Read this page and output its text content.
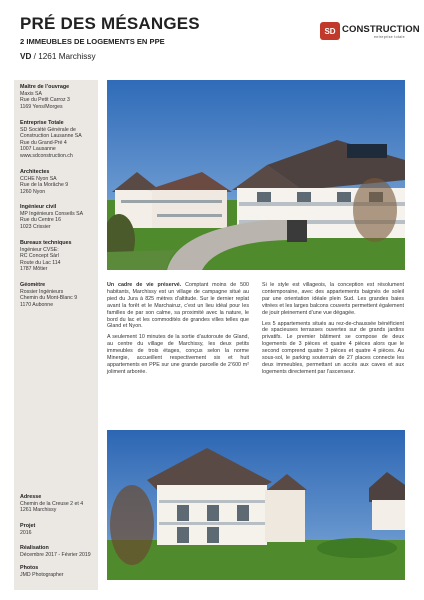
PRÉ DES MÉSANGES
2 IMMEUBLES DE LOGEMENTS EN PPE
VD / 1261 Marchissy
SD CONSTRUCTION
entreprise totale
Maître de l’ouvrage
Maxis SA
Rue du Petit Carroz 3
1169 Yens/Morges
Entreprise Totale
SD Société Générale de
Construction Lausanne SA
Rue du Grand-Pré 4
1007 Lausanne
www.sdconstruction.ch
Architectes
CCHE Nyon SA
Rue de la Morâche 9
1260 Nyon
Ingénieur civil
MP Ingénieurs Conseils SA
Rue du Centre 16
1023 Crissier
Bureaux techniques
Ingénieur CVSE:
RC Concept Sàrl
Route du Lac 114
1787 Môtier
Géomètre
Rossier Ingénieurs
Chemin du Mont-Blanc 9
1170 Aubonne
Adresse
Chemin de la Creuse 2 et 4
1261 Marchissy
Projet
2016
Réalisation
Décembre 2017 - Février 2019
Photos
JMD Photographer

Un cadre de vie préservé. Comptant moins de 500 habitants, Marchissy est un village de campagne situé au pied du Jura à 825 mètres d’altitude. Sur le dernier replat avant la forêt et le Marchairuz, c’est un lieu idéal pour les familles de par son calme, sa proximité avec la nature, le bord du lac et les commodités de grandes villes telles que Gland et Nyon.

A seulement 10 minutes de la sortie d’autoroute de Gland, au centre du village de Marchissy, les deux petits immeubles de trois étages, conçus selon la norme Minergie, accueillent respectivement six et huit appartements en PPE sur une grande parcelle de 2’600 m² joliment arborée.

Si le style est villageois, la conception est résolument contemporaine, avec des appartements baignés de soleil par une orientation idéale plein Sud. Les grandes baies vitrées et les larges balcons couverts permettent également de jouir pleinement d’une vue dégagée.

Les 5 appartements situés au rez-de-chaussée bénéficient de spacieuses terrasses ouvertes sur de grands jardins privatifs. Le premier bâtiment se compose de deux logements de 3 pièces et quatre 4 pièces alors que le second comprend quatre 3 pièces et quatre 4 pièces. Au sous-sol, le parking souterrain de 27 places connecte les deux immeubles, permettant un accès aux caves et aux logements directement par l’ascenseur.
